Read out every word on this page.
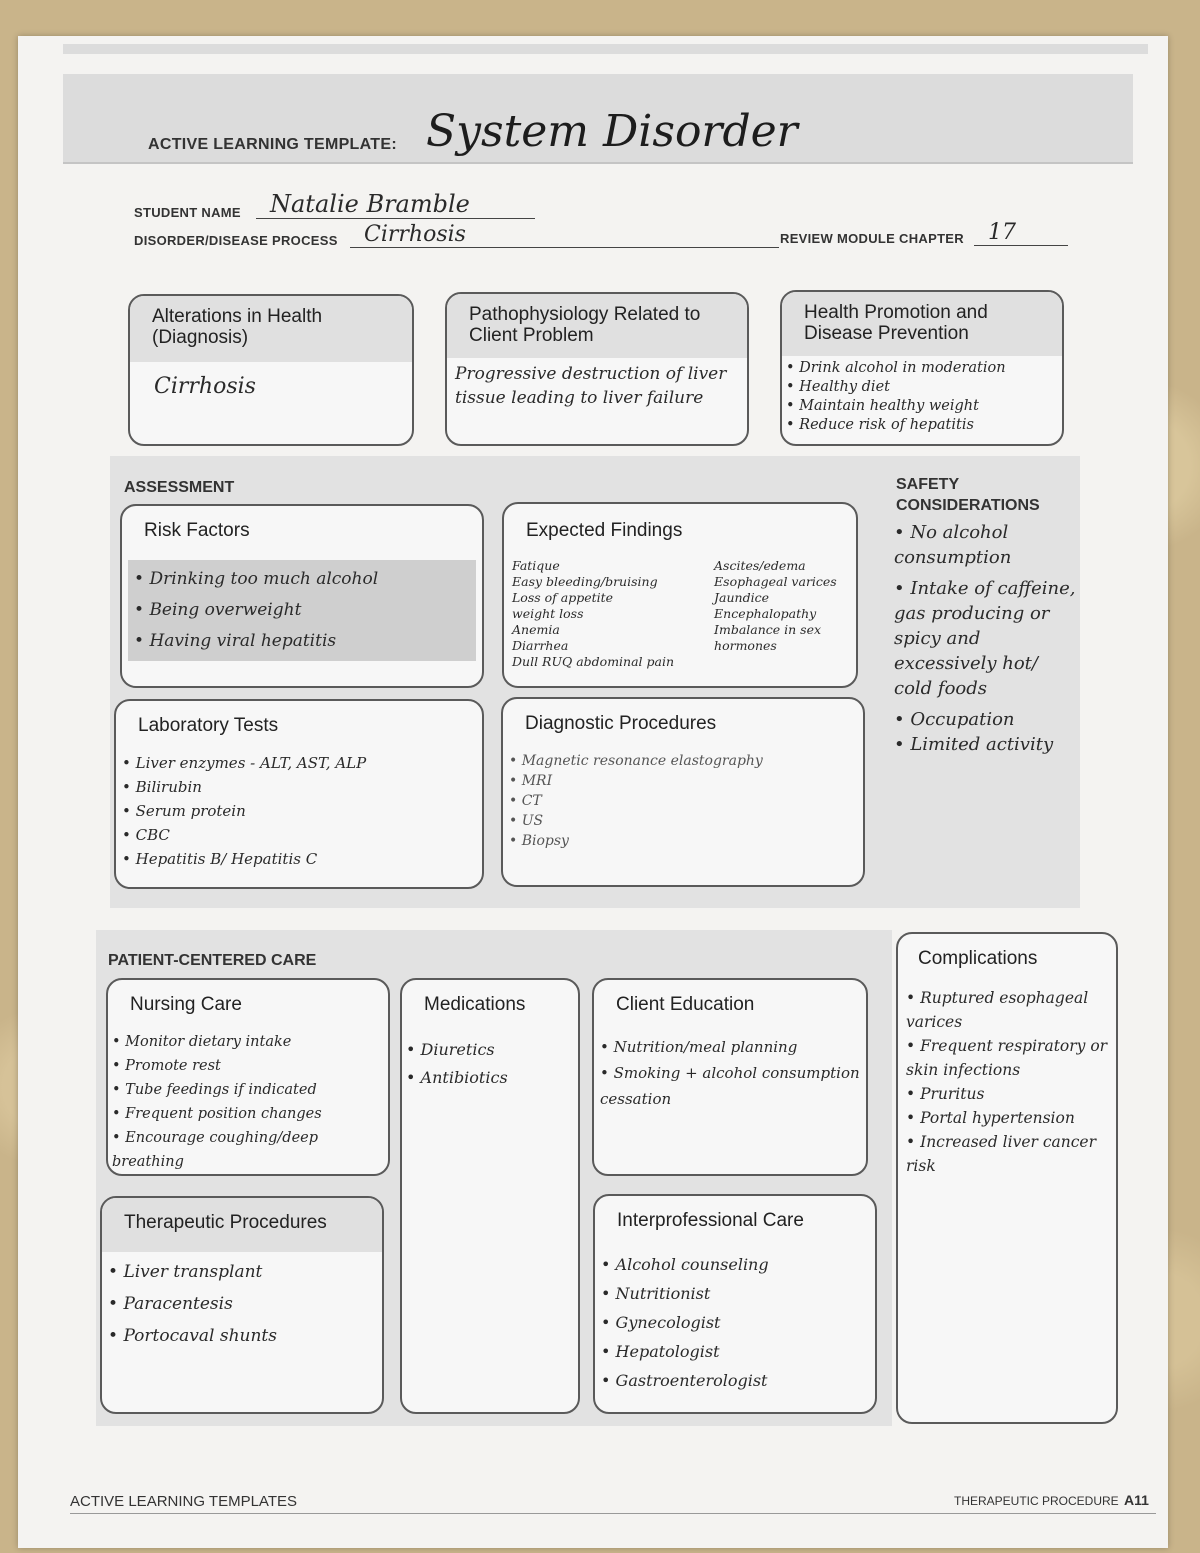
ACTIVE LEARNING TEMPLATE: System Disorder
STUDENT NAME	Natalie Bramble
DISORDER/DISEASE PROCESS	Cirrhosis	REVIEW MODULE CHAPTER	17
Alterations in Health (Diagnosis)
Cirrhosis
Pathophysiology Related to Client Problem
Progressive destruction of liver tissue leading to liver failure
Health Promotion and Disease Prevention
• Drink alcohol in moderation
• Healthy diet
• Maintain healthy weight
• Reduce risk of hepatitis
ASSESSMENT
Risk Factors
• Drinking too much alcohol
• Being overweight
• Having viral hepatitis
Expected Findings
Fatique
Easy bleeding/bruising
Loss of appetite
weight loss
Anemia
Diarrhea
Dull RUQ abdominal pain
Ascites/edema
Esophageal varices
Jaundice
Encephalopathy
Imbalance in sex hormones
Laboratory Tests
• Liver enzymes - ALT, AST, ALP
• Bilirubin
• Serum protein
• CBC
• Hepatitis B/ Hepatitis C
Diagnostic Procedures
• Magnetic resonance elastography
• MRI
• CT
• US
• Biopsy
SAFETY CONSIDERATIONS
• No alcohol consumption
• Intake of caffeine, gas producing or spicy and excessively hot/ cold foods
• Occupation
• Limited activity
PATIENT-CENTERED CARE
Nursing Care
• Monitor dietary intake
• Promote rest
• Tube feedings if indicated
• Frequent position changes
• Encourage coughing/deep breathing
Medications
• Diuretics
• Antibiotics
Client Education
• Nutrition/meal planning
• Smoking + alcohol consumption cessation
Therapeutic Procedures
• Liver transplant
• Paracentesis
• Portocaval shunts
Interprofessional Care
• Alcohol counseling
• Nutritionist
• Gynecologist
• Hepatologist
• Gastroenterologist
Complications
• Ruptured esophageal varices
• Frequent respiratory or skin infections
• Pruritus
• Portal hypertension
• Increased liver cancer risk
ACTIVE LEARNING TEMPLATES	THERAPEUTIC PROCEDURE A11
